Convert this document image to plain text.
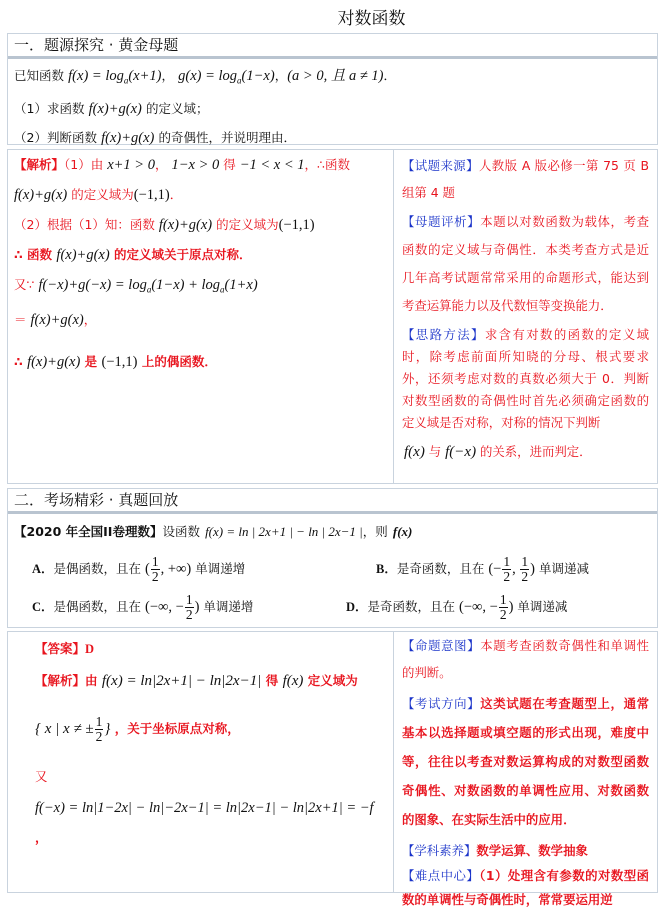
对数函数
一．题源探究 · 黄金母题
已知函数 $f(x) = \log_a(x+1)$， $g(x) = \log_a(1-x)$，(a > 0, 且 a ≠ 1)．
（1）求函数 f(x)+g(x) 的定义域；
（2）判断函数 f(x)+g(x) 的奇偶性，并说明理由．
【解析】（1）由 x+1 > 0， 1−x > 0 得 −1 < x < 1，∴函数
f(x)+g(x) 的定义域为(−1,1)．
（2）根据（1）知：函数 f(x)+g(x) 的定义域为(−1,1)
∴ 函数 f(x)+g(x) 的定义域关于原点对称．
又∵ $f(-x)+g(-x) = \log_a(1-x) + \log_a(1+x)$
＝ f(x)+g(x)，
∴ f(x)+g(x) 是 (−1,1) 上的偶函数．
【试题来源】人教版 A 版必修一第 75 页 B 组第 4 题
【母题评析】本题以对数函数为载体，考查函数的定义域与奇偶性．本类考查方式是近几年高考试题常常采用的命题形式，能达到考查运算能力以及代数恒等变换能力．
【思路方法】求含有对数的函数的定义域时，除考虑前面所知晓的分母、根式要求外，还须考虑对数的真数必须大于 0．判断对数型函数的奇偶性时首先必须确定函数的定义域是否对称，对称的情况下判断
f(x) 与 f(−x) 的关系，进而判定．
二．考场精彩 · 真题回放
【2020 年全国II卷理数】设函数 f(x) = ln | 2x+1 | − ln | 2x−1 |，则 f(x)
A．是偶函数，且在 ( $\frac{1}{2}$ , +∞) 单调递增	B．是奇函数，且在 (− $\frac{1}{2}$ , $\frac{1}{2}$ ) 单调递减
C．是偶函数，且在 (−∞, − $\frac{1}{2}$ ) 单调递增	D．是奇函数，且在 (−∞, − $\frac{1}{2}$ ) 单调递减
【答案】D
【解析】由 f(x) = ln|2x+1| − ln|2x−1| 得 f(x) 定义域为
{ x | x ≠ ± $\frac{1}{2}$ } ，关于坐标原点对称，
又
f(−x) = ln|1−2x| − ln|−2x−1| = ln|2x−1| − ln|2x+1| = −f
，
【命题意图】本题考查函数奇偶性和单调性的判断。
【考试方向】这类试题在考查题型上，通常基本以选择题或填空题的形式出现，难度中等，往往以考查对数运算构成的对数型函数奇偶性、对数函数的单调性应用、对数函数的图象、在实际生活中的应用．
【学科素养】数学运算、数学抽象
【难点中心】（1）处理含有参数的对数型函数的单调性与奇偶性时，常常要运用逆
